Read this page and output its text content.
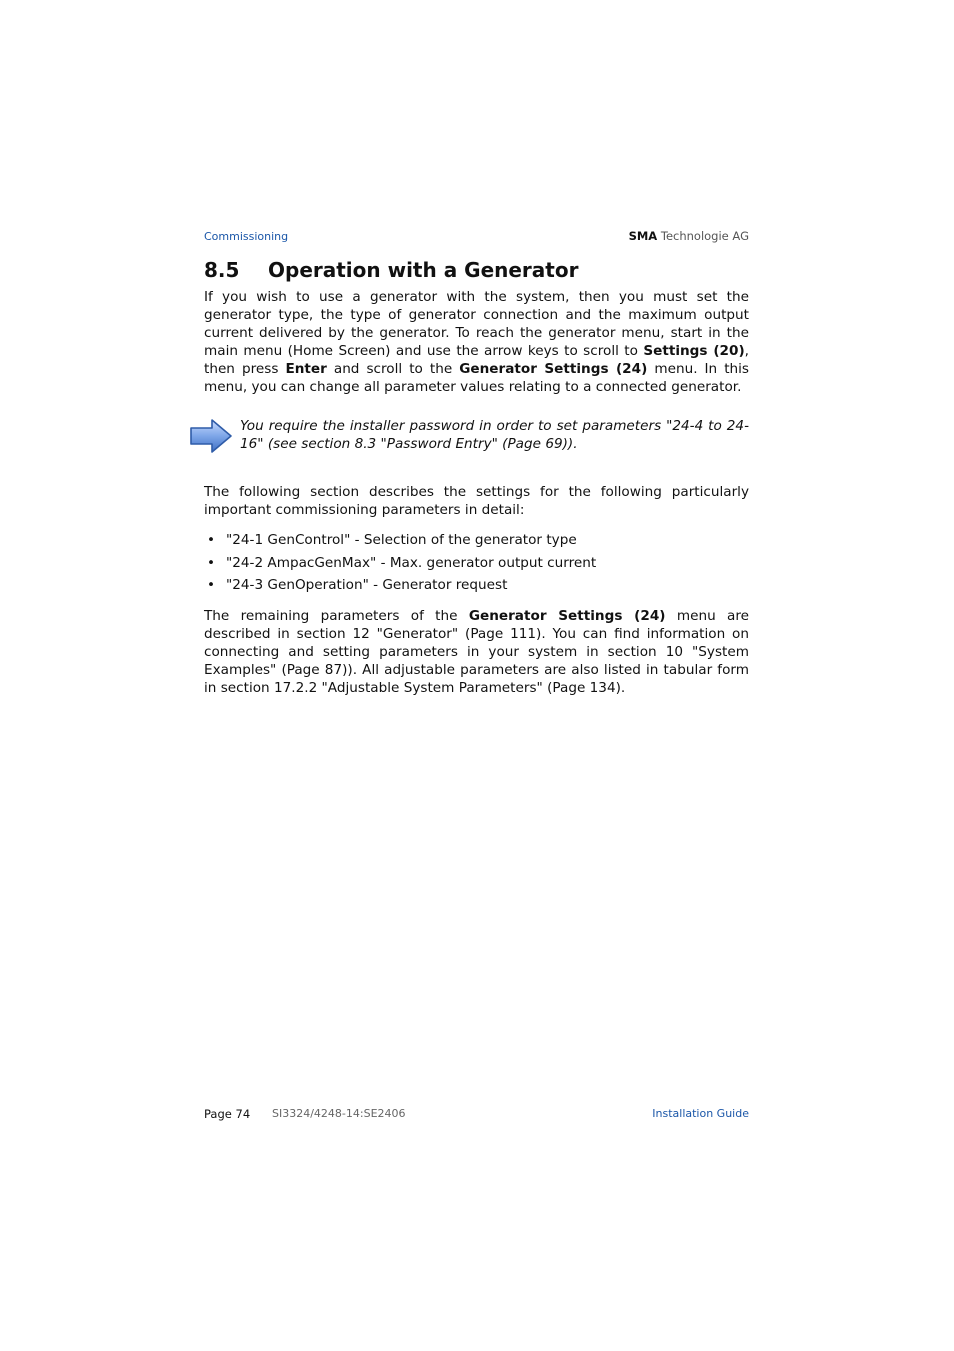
Commissioning	SMA Technologie AG
8.5 Operation with a Generator
If you wish to use a generator with the system, then you must set the generator type, the type of generator connection and the maximum output current delivered by the generator. To reach the generator menu, start in the main menu (Home Screen) and use the arrow keys to scroll to Settings (20), then press Enter and scroll to the Generator Settings (24) menu. In this menu, you can change all parameter values relating to a connected generator.
You require the installer password in order to set parameters "24-4 to 24-16" (see section 8.3 "Password Entry" (Page 69)).
The following section describes the settings for the following particularly important commissioning parameters in detail:
• "24-1 GenControl" - Selection of the generator type
• "24-2 AmpacGenMax" - Max. generator output current
• "24-3 GenOperation" - Generator request
The remaining parameters of the Generator Settings (24) menu are described in section 12 "Generator" (Page 111). You can find information on connecting and setting parameters in your system in section 10 "System Examples" (Page 87)). All adjustable parameters are also listed in tabular form in section 17.2.2 "Adjustable System Parameters" (Page 134).
Page 74 SI3324/4248-14:SE2406	Installation Guide
